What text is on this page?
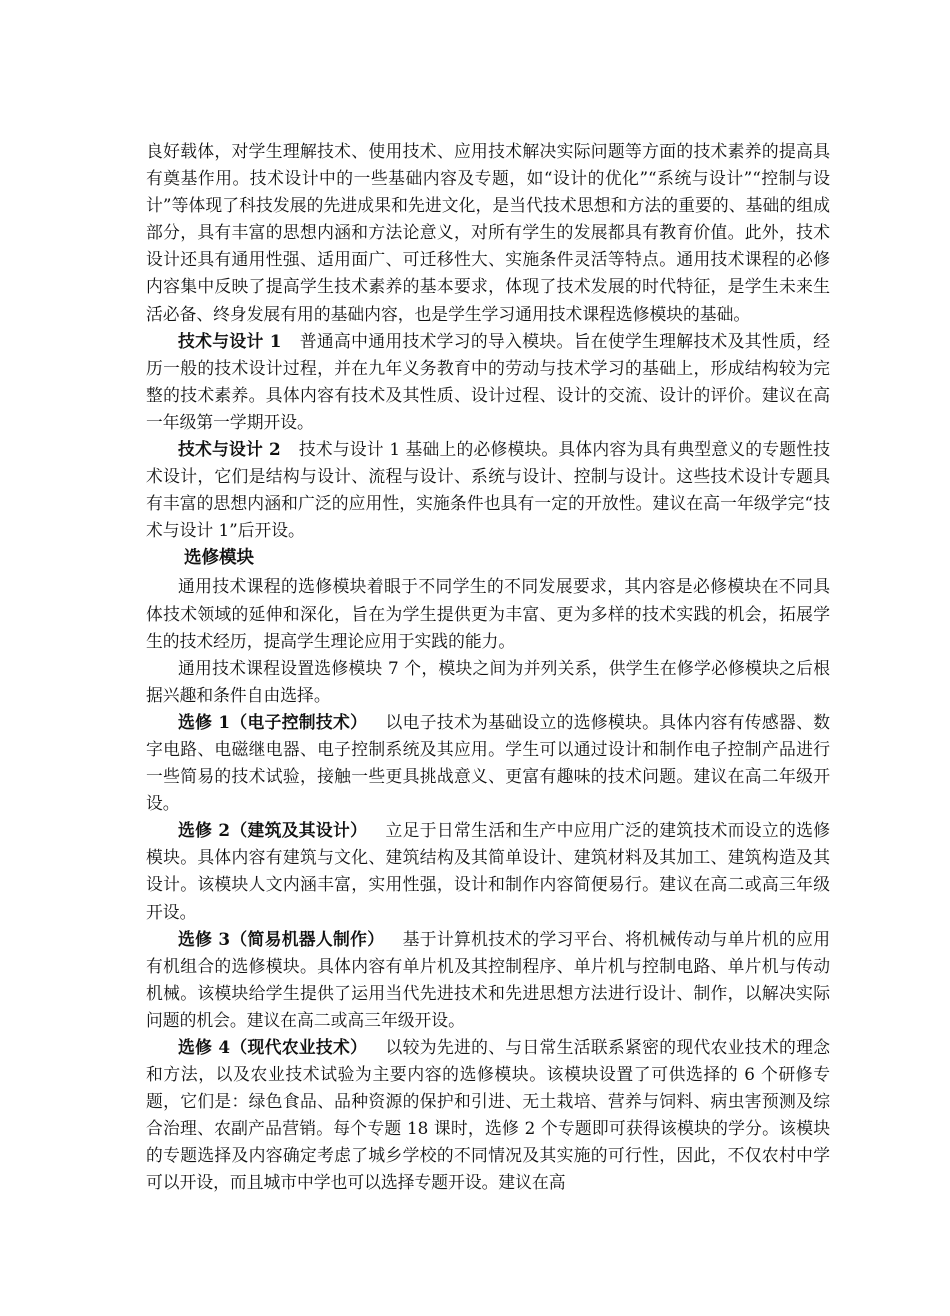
良好载体，对学生理解技术、使用技术、应用技术解决实际问题等方面的技术素养的提高具有奠基作用。技术设计中的一些基础内容及专题，如“设计的优化”“系统与设计”“控制与设计”等体现了科技发展的先进成果和先进文化，是当代技术思想和方法的重要的、基础的组成部分，具有丰富的思想内涵和方法论意义，对所有学生的发展都具有教育价值。此外，技术设计还具有通用性强、适用面广、可迁移性大、实施条件灵活等特点。通用技术课程的必修内容集中反映了提高学生技术素养的基本要求，体现了技术发展的时代特征，是学生未来生活必备、终身发展有用的基础内容，也是学生学习通用技术课程选修模块的基础。

技术与设计 1 普通高中通用技术学习的导入模块。旨在使学生理解技术及其性质，经历一般的技术设计过程，并在九年义务教育中的劳动与技术学习的基础上，形成结构较为完整的技术素养。具体内容有技术及其性质、设计过程、设计的交流、设计的评价。建议在高一年级第一学期开设。

技术与设计 2 技术与设计 1 基础上的必修模块。具体内容为具有典型意义的专题性技术设计，它们是结构与设计、流程与设计、系统与设计、控制与设计。这些技术设计专题具有丰富的思想内涵和广泛的应用性，实施条件也具有一定的开放性。建议在高一年级学完“技术与设计 1”后开设。

选修模块

通用技术课程的选修模块着眼于不同学生的不同发展要求，其内容是必修模块在不同具体技术领域的延伸和深化，旨在为学生提供更为丰富、更为多样的技术实践的机会，拓展学生的技术经历，提高学生理论应用于实践的能力。

通用技术课程设置选修模块 7 个，模块之间为并列关系，供学生在修学必修模块之后根据兴趣和条件自由选择。

选修 1（电子控制技术） 以电子技术为基础设立的选修模块。具体内容有传感器、数字电路、电磁继电器、电子控制系统及其应用。学生可以通过设计和制作电子控制产品进行一些简易的技术试验，接触一些更具挑战意义、更富有趣味的技术问题。建议在高二年级开设。

选修 2（建筑及其设计） 立足于日常生活和生产中应用广泛的建筑技术而设立的选修模块。具体内容有建筑与文化、建筑结构及其简单设计、建筑材料及其加工、建筑构造及其设计。该模块人文内涵丰富，实用性强，设计和制作内容简便易行。建议在高二或高三年级开设。

选修 3（简易机器人制作） 基于计算机技术的学习平台、将机械传动与单片机的应用有机组合的选修模块。具体内容有单片机及其控制程序、单片机与控制电路、单片机与传动机械。该模块给学生提供了运用当代先进技术和先进思想方法进行设计、制作，以解决实际问题的机会。建议在高二或高三年级开设。

选修 4（现代农业技术） 以较为先进的、与日常生活联系紧密的现代农业技术的理念和方法，以及农业技术试验为主要内容的选修模块。该模块设置了可供选择的 6 个研修专题，它们是：绿色食品、品种资源的保护和引进、无土栽培、营养与饲料、病虫害预测及综合治理、农副产品营销。每个专题 18 课时，选修 2 个专题即可获得该模块的学分。该模块的专题选择及内容确定考虑了城乡学校的不同情况及其实施的可行性，因此，不仅农村中学可以开设，而且城市中学也可以选择专题开设。建议在高
